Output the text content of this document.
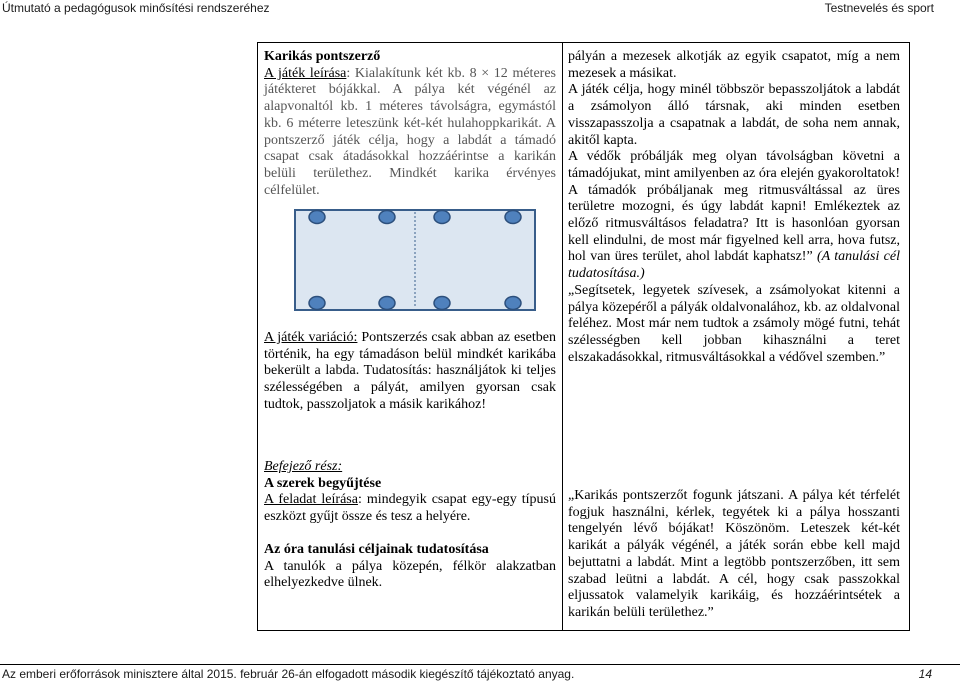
Útmutató a pedagógusok minősítési rendszeréhez	Testnevelés és sport

Karikás pontszerző

A játék leírása: Kialakítunk két kb. 8 × 12 méteres játékteret bójákkal. A pálya két végénél az alapvonaltól kb. 1 méteres távolságra, egymástól kb. 6 méterre leteszünk két-két hulahoppkarikát. A pontszerző játék célja, hogy a labdát a támadó csapat csak átadásokkal hozzáérintse a karikán belüli területhez. Mindkét karika érvényes célfelület.

A játék variáció: Pontszerzés csak abban az esetben történik, ha egy támadáson belül mindkét karikába bekerült a labda. Tudatosítás: használjátok ki teljes szélességében a pályát, amilyen gyorsan csak tudtok, passzoljatok a másik karikához!

pályán a mezesek alkotják az egyik csapatot, míg a nem mezesek a másikat.

A játék célja, hogy minél többször bepasszoljátok a labdát a zsámolyon álló társnak, aki minden esetben visszapasszolja a csapatnak a labdát, de soha nem annak, akitől kapta.

A védők próbálják meg olyan távolságban követni a támadójukat, mint amilyenben az óra elején gyakoroltatok! A támadók próbáljanak meg ritmusváltással az üres területre mozogni, és úgy labdát kapni! Emlékeztek az előző ritmusváltásos feladatra? Itt is hasonlóan gyorsan kell elindulni, de most már figyelned kell arra, hova futsz, hol van üres terület, ahol labdát kaphatsz!” (A tanulási cél tudatosítása.)

„Segítsetek, legyetek szívesek, a zsámolyokat kitenni a pálya közepéről a pályák oldalvonalához, kb. az oldalvonal feléhez. Most már nem tudtok a zsámoly mögé futni, tehát szélességben kell jobban kihasználni a teret elszakadásokkal, ritmusváltásokkal a védővel szemben.”

Befejező rész:

A szerek begyűjtése

A feladat leírása: mindegyik csapat egy-egy típusú eszközt gyűjt össze és tesz a helyére.

Az óra tanulási céljainak tudatosítása

A tanulók a pálya közepén, félkör alakzatban elhelyezkedve ülnek.

„Karikás pontszerzőt fogunk játszani. A pálya két térfelét fogjuk használni, kérlek, tegyétek ki a pálya hosszanti tengelyén lévő bójákat! Köszönöm. Leteszek két-két karikát a pályák végénél, a játék során ebbe kell majd bejuttatni a labdát. Mint a legtöbb pontszerzőben, itt sem szabad leütni a labdát. A cél, hogy csak passzokkal eljussatok valamelyik karikáig, és hozzáérintsétek a karikán belüli területhez.”

Az emberi erőforrások minisztere által 2015. február 26-án elfogadott második kiegészítő tájékoztató anyag.	14
